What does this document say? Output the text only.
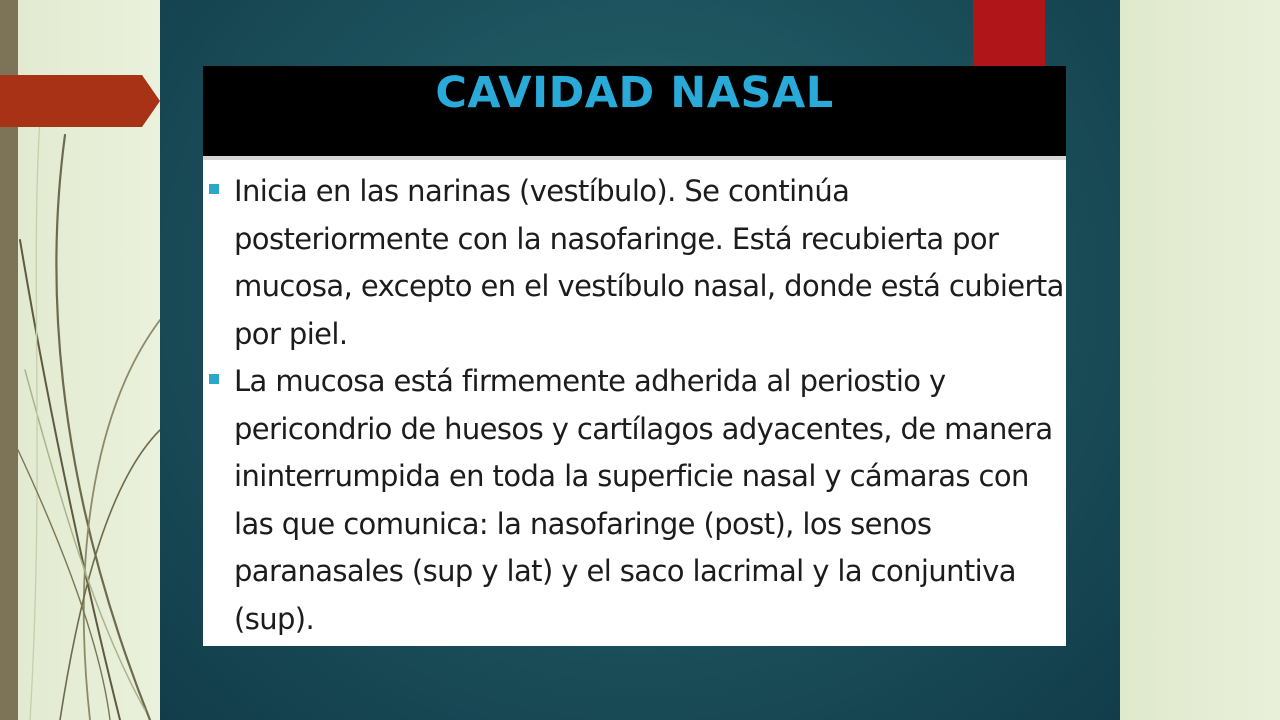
CAVIDAD NASAL
Inicia en las narinas (vestíbulo). Se continúa posteriormente con la nasofaringe. Está recubierta por mucosa, excepto en el vestíbulo nasal, donde está cubierta por piel.
La mucosa está firmemente adherida al periostio y pericondrio de huesos y cartílagos adyacentes, de manera ininterrumpida en toda la superficie nasal y cámaras con las que comunica: la nasofaringe (post), los senos paranasales (sup y lat) y el saco lacrimal y la conjuntiva (sup).
